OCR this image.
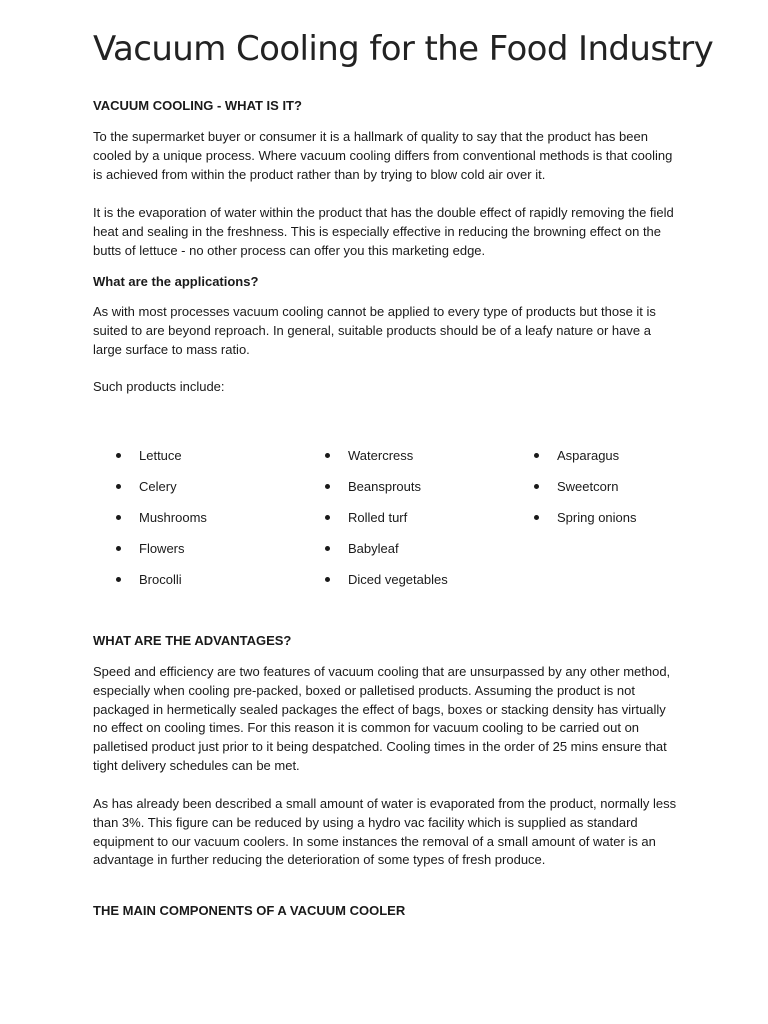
Vacuum Cooling for the Food Industry

VACUUM COOLING - WHAT IS IT?

To the supermarket buyer or consumer it is a hallmark of quality to say that the product has been cooled by a unique process. Where vacuum cooling differs from conventional methods is that cooling is achieved from within the product rather than by trying to blow cold air over it.

It is the evaporation of water within the product that has the double effect of rapidly removing the field heat and sealing in the freshness. This is especially effective in reducing the browning effect on the butts of lettuce - no other process can offer you this marketing edge.

What are the applications?

As with most processes vacuum cooling cannot be applied to every type of products but those it is suited to are beyond reproach. In general, suitable products should be of a leafy nature or have a large surface to mass ratio.

Such products include:

Lettuce
Celery
Mushrooms
Flowers
Brocolli
Watercress
Beansprouts
Rolled turf
Babyleaf
Diced vegetables
Asparagus
Sweetcorn
Spring onions

WHAT ARE THE ADVANTAGES?

Speed and efficiency are two features of vacuum cooling that are unsurpassed by any other method, especially when cooling pre-packed, boxed or palletised products. Assuming the product is not packaged in hermetically sealed packages the effect of bags, boxes or stacking density has virtually no effect on cooling times. For this reason it is common for vacuum cooling to be carried out on palletised product just prior to it being despatched. Cooling times in the order of 25 mins ensure that tight delivery schedules can be met.

As has already been described a small amount of water is evaporated from the product, normally less than 3%. This figure can be reduced by using a hydro vac facility which is supplied as standard equipment to our vacuum coolers. In some instances the removal of a small amount of water is an advantage in further reducing the deterioration of some types of fresh produce.

THE MAIN COMPONENTS OF A VACUUM COOLER
